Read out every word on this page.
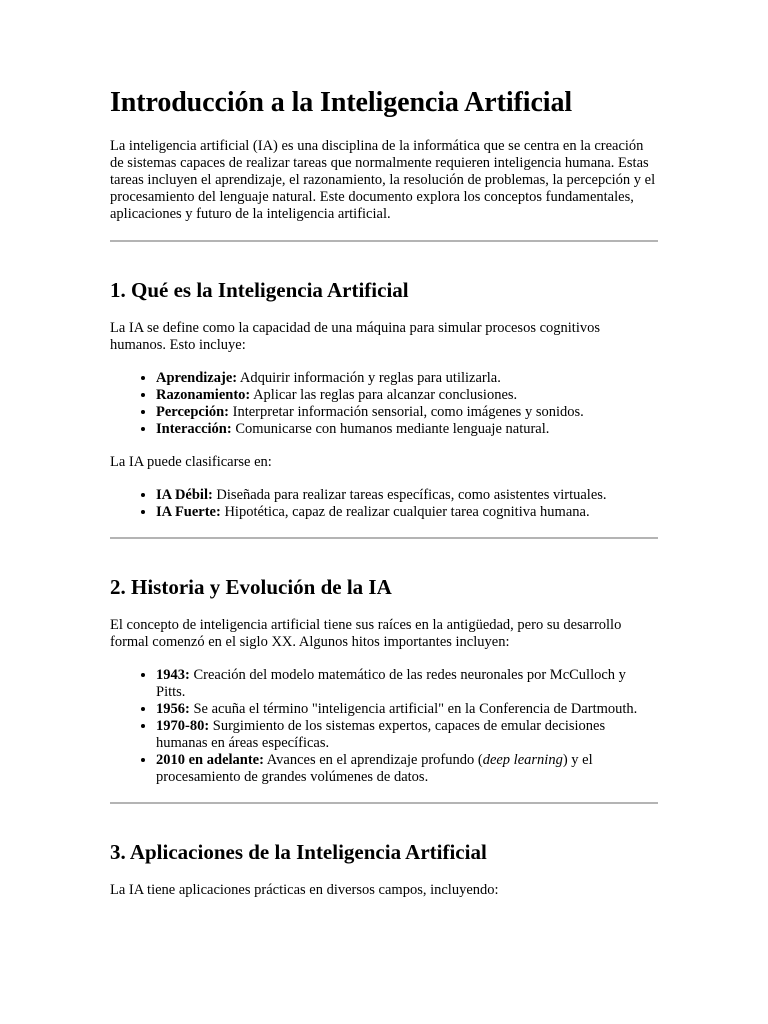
Introducción a la Inteligencia Artificial

La inteligencia artificial (IA) es una disciplina de la informática que se centra en la creación de sistemas capaces de realizar tareas que normalmente requieren inteligencia humana. Estas tareas incluyen el aprendizaje, el razonamiento, la resolución de problemas, la percepción y el procesamiento del lenguaje natural. Este documento explora los conceptos fundamentales, aplicaciones y futuro de la inteligencia artificial.

1. Qué es la Inteligencia Artificial

La IA se define como la capacidad de una máquina para simular procesos cognitivos humanos. Esto incluye:

• Aprendizaje: Adquirir información y reglas para utilizarla.
• Razonamiento: Aplicar las reglas para alcanzar conclusiones.
• Percepción: Interpretar información sensorial, como imágenes y sonidos.
• Interacción: Comunicarse con humanos mediante lenguaje natural.

La IA puede clasificarse en:

• IA Débil: Diseñada para realizar tareas específicas, como asistentes virtuales.
• IA Fuerte: Hipotética, capaz de realizar cualquier tarea cognitiva humana.
2. Historia y Evolución de la IA

El concepto de inteligencia artificial tiene sus raíces en la antigüedad, pero su desarrollo formal comenzó en el siglo XX. Algunos hitos importantes incluyen:

• 1943: Creación del modelo matemático de las redes neuronales por McCulloch y Pitts.
• 1956: Se acuña el término "inteligencia artificial" en la Conferencia de Dartmouth.
• 1970-80: Surgimiento de los sistemas expertos, capaces de emular decisiones humanas en áreas específicas.
• 2010 en adelante: Avances en el aprendizaje profundo (deep learning) y el procesamiento de grandes volúmenes de datos.
3. Aplicaciones de la Inteligencia Artificial

La IA tiene aplicaciones prácticas en diversos campos, incluyendo:
